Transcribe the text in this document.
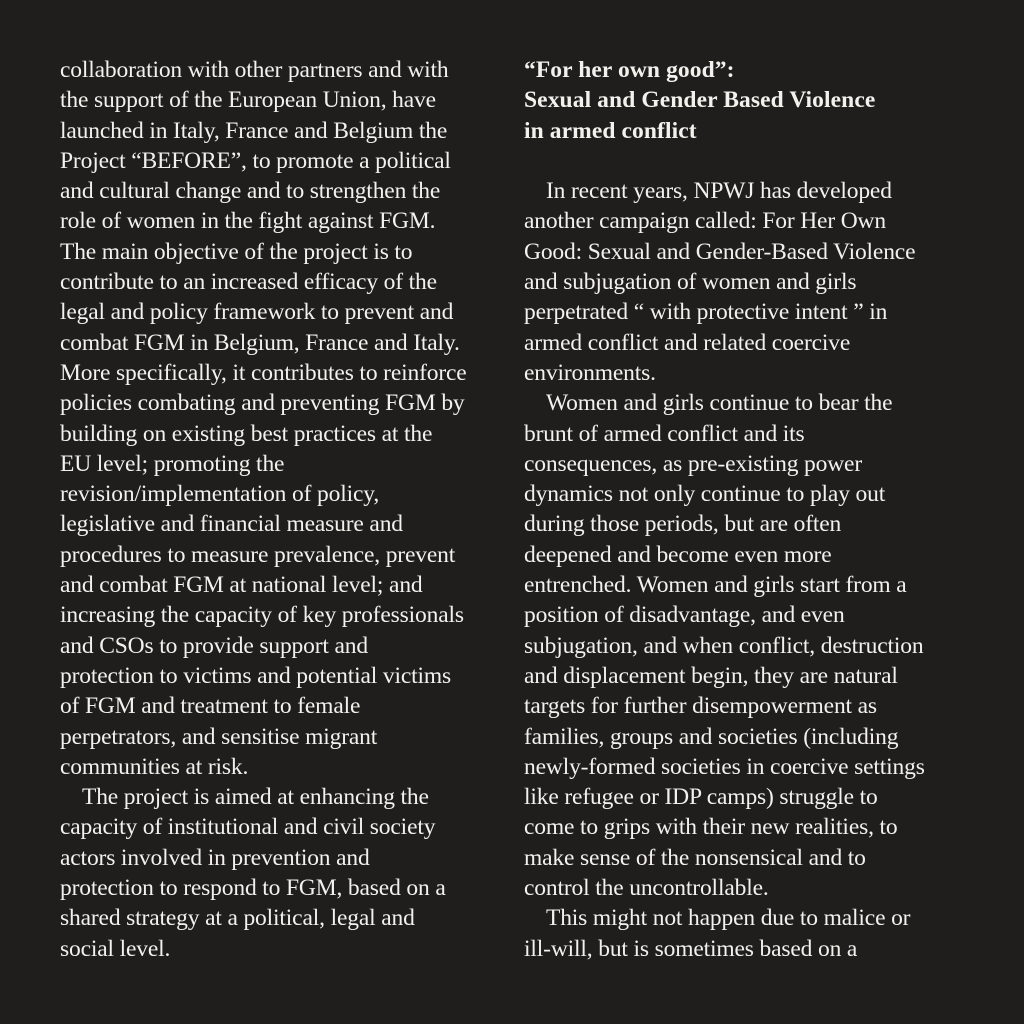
collaboration with other partners and with
the support of the European Union, have
launched in Italy, France and Belgium the
Project “BEFORE”, to promote a political
and cultural change and to strengthen the
role of women in the fight against FGM.
The main objective of the project is to
contribute to an increased efficacy of the
legal and policy framework to prevent and
combat FGM in Belgium, France and Italy.
More specifically, it contributes to reinforce
policies combating and preventing FGM by
building on existing best practices at the
EU level; promoting the
revision/implementation of policy,
legislative and financial measure and
procedures to measure prevalence, prevent
and combat FGM at national level; and
increasing the capacity of key professionals
and CSOs to provide support and
protection to victims and potential victims
of FGM and treatment to female
perpetrators, and sensitise migrant
communities at risk.
The project is aimed at enhancing the
capacity of institutional and civil society
actors involved in prevention and
protection to respond to FGM, based on a
shared strategy at a political, legal and
social level.
“For her own good”:
Sexual and Gender Based Violence
in armed conflict
In recent years, NPWJ has developed
another campaign called: For Her Own
Good: Sexual and Gender-Based Violence
and subjugation of women and girls
perpetrated “ with protective intent ” in
armed conflict and related coercive
environments.
Women and girls continue to bear the
brunt of armed conflict and its
consequences, as pre-existing power
dynamics not only continue to play out
during those periods, but are often
deepened and become even more
entrenched. Women and girls start from a
position of disadvantage, and even
subjugation, and when conflict, destruction
and displacement begin, they are natural
targets for further disempowerment as
families, groups and societies (including
newly-formed societies in coercive settings
like refugee or IDP camps) struggle to
come to grips with their new realities, to
make sense of the nonsensical and to
control the uncontrollable.
This might not happen due to malice or
ill-will, but is sometimes based on a
